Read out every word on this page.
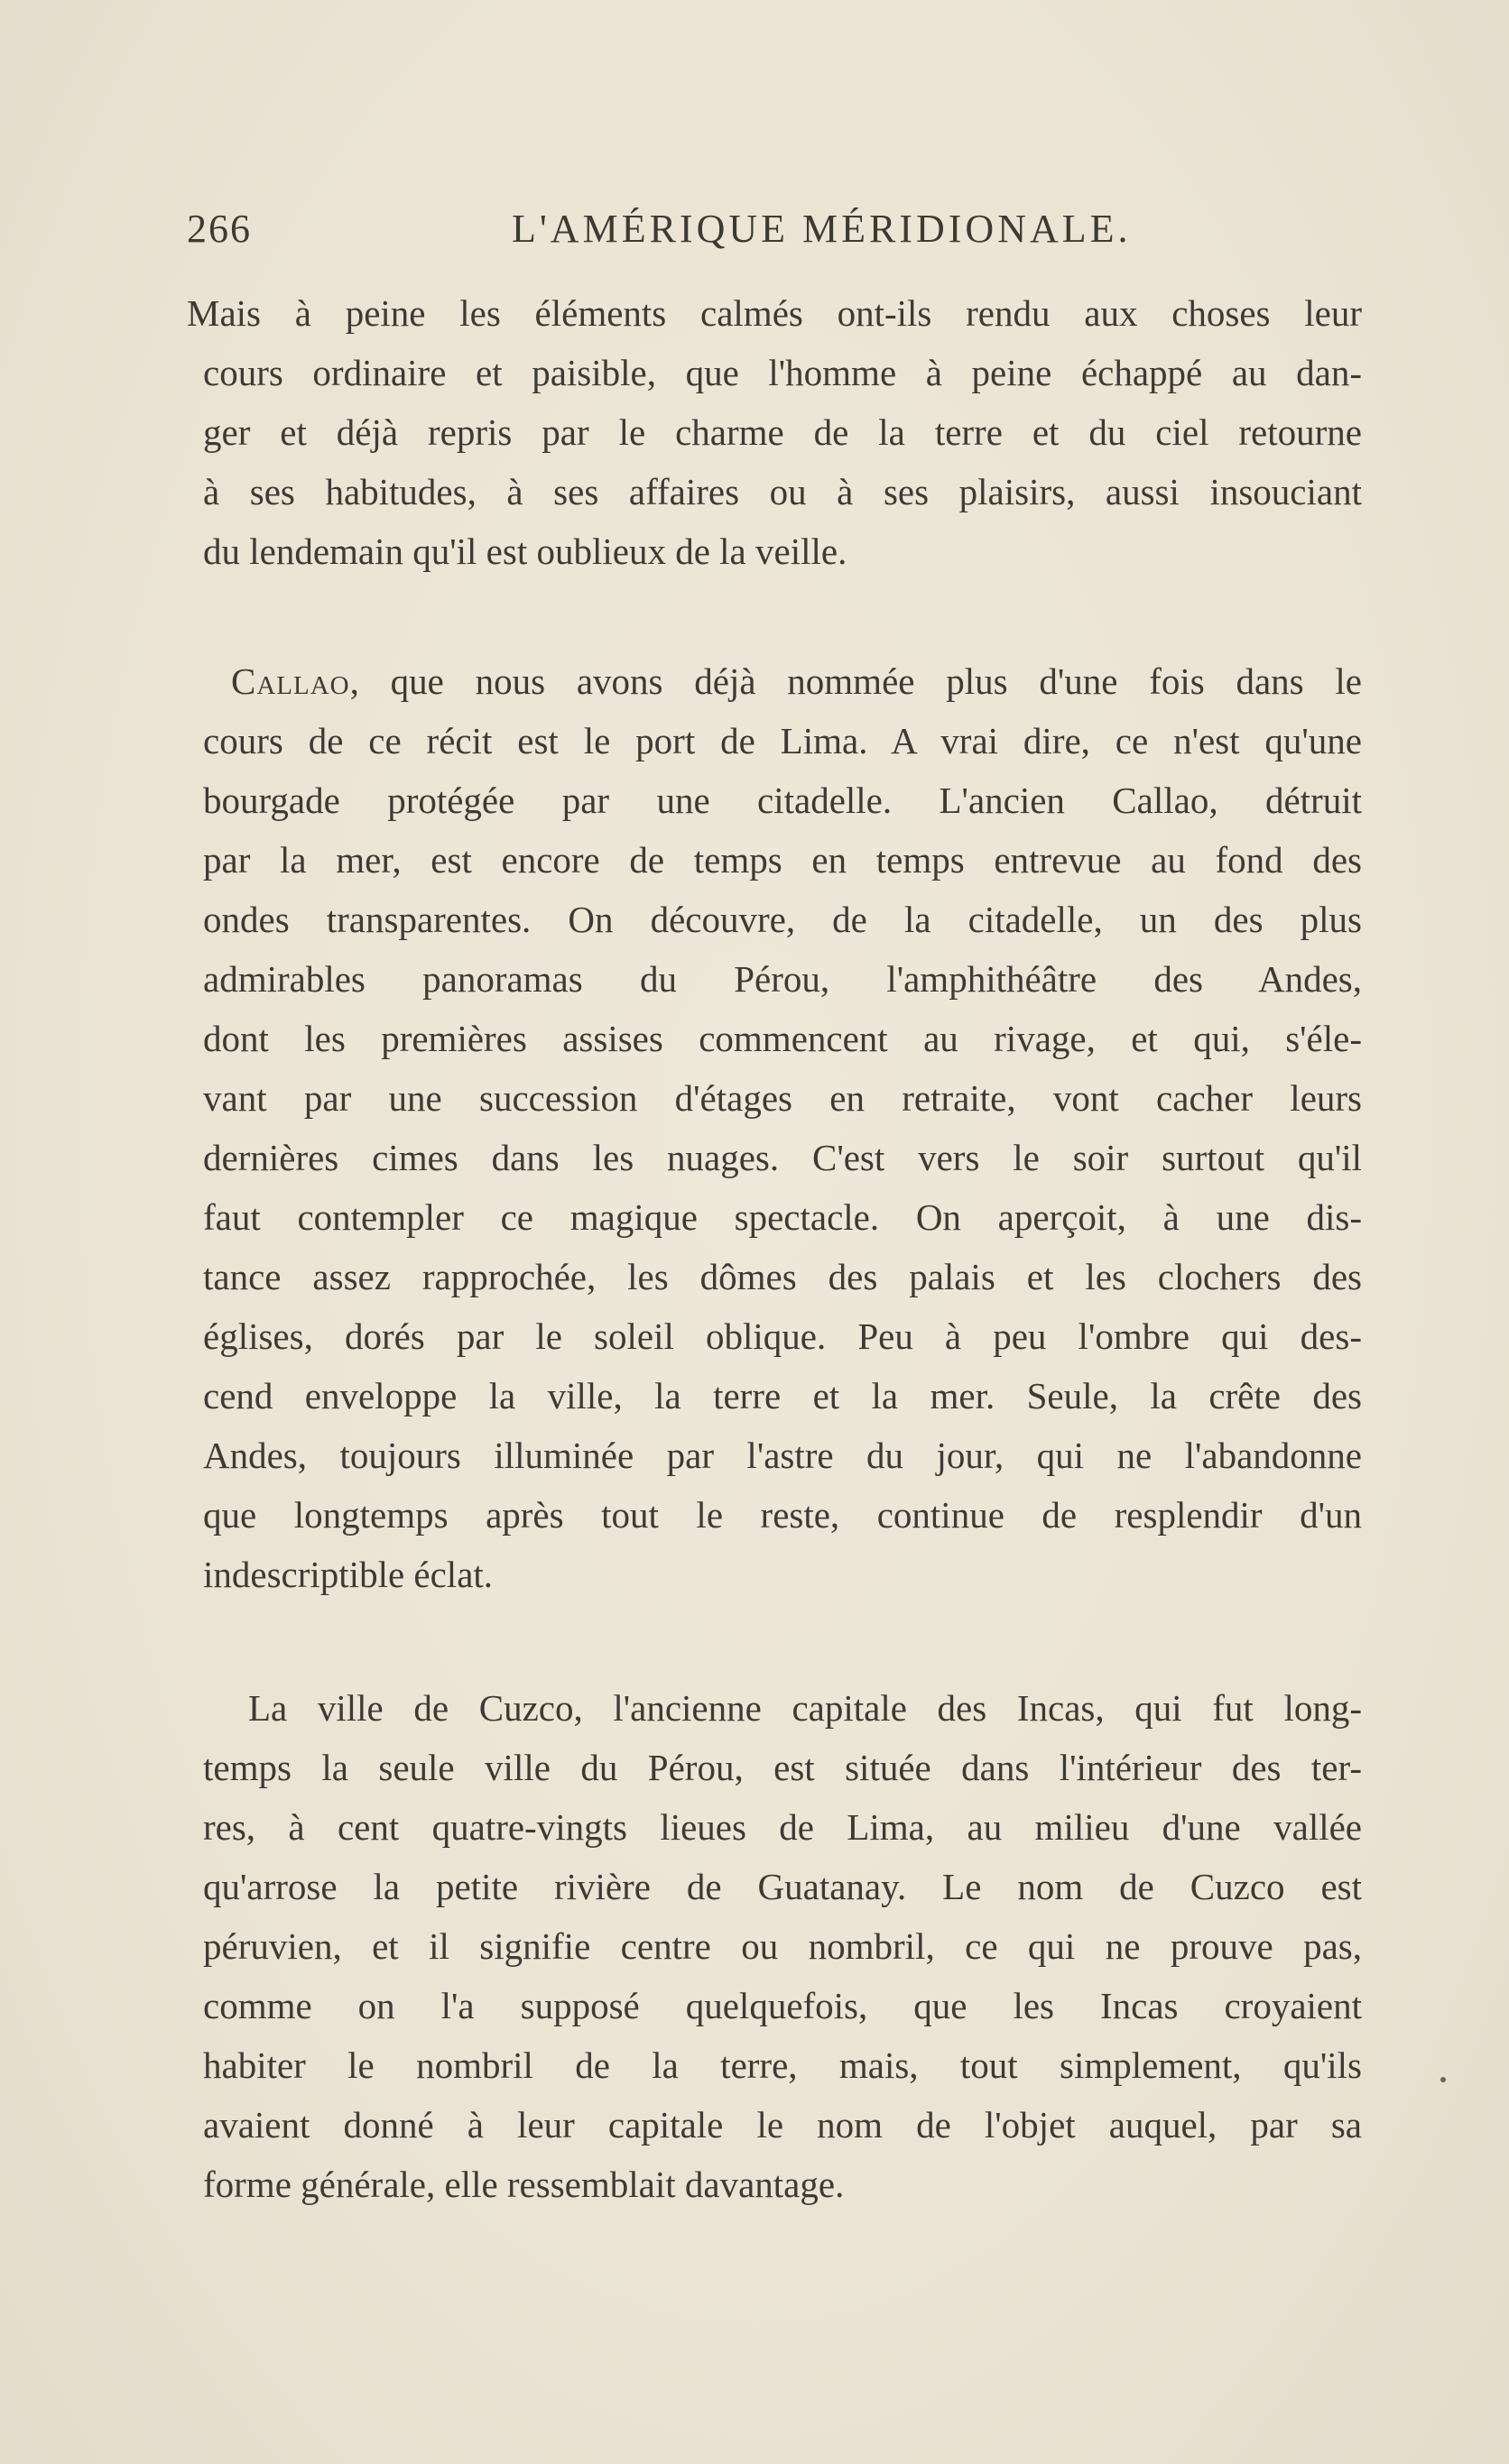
266	L'AMÉRIQUE MÉRIDIONALE.
Mais à peine les éléments calmés ont-ils rendu aux choses leur
cours ordinaire et paisible, que l'homme à peine échappé au dan-
ger et déjà repris par le charme de la terre et du ciel retourne
à ses habitudes, à ses affaires ou à ses plaisirs, aussi insouciant
du lendemain qu'il est oublieux de la veille.
Callao, que nous avons déjà nommée plus d'une fois dans le
cours de ce récit est le port de Lima. A vrai dire, ce n'est qu'une
bourgade protégée par une citadelle. L'ancien Callao, détruit
par la mer, est encore de temps en temps entrevue au fond des
ondes transparentes. On découvre, de la citadelle, un des plus
admirables panoramas du Pérou, l'amphithéâtre des Andes,
dont les premières assises commencent au rivage, et qui, s'éle-
vant par une succession d'étages en retraite, vont cacher leurs
dernières cimes dans les nuages. C'est vers le soir surtout qu'il
faut contempler ce magique spectacle. On aperçoit, à une dis-
tance assez rapprochée, les dômes des palais et les clochers des
églises, dorés par le soleil oblique. Peu à peu l'ombre qui des-
cend enveloppe la ville, la terre et la mer. Seule, la crête des
Andes, toujours illuminée par l'astre du jour, qui ne l'abandonne
que longtemps après tout le reste, continue de resplendir d'un
indescriptible éclat.
La ville de Cuzco, l'ancienne capitale des Incas, qui fut long-
temps la seule ville du Pérou, est située dans l'intérieur des ter-
res, à cent quatre-vingts lieues de Lima, au milieu d'une vallée
qu'arrose la petite rivière de Guatanay. Le nom de Cuzco est
péruvien, et il signifie centre ou nombril, ce qui ne prouve pas,
comme on l'a supposé quelquefois, que les Incas croyaient
habiter le nombril de la terre, mais, tout simplement, qu'ils
avaient donné à leur capitale le nom de l'objet auquel, par sa
forme générale, elle ressemblait davantage.
